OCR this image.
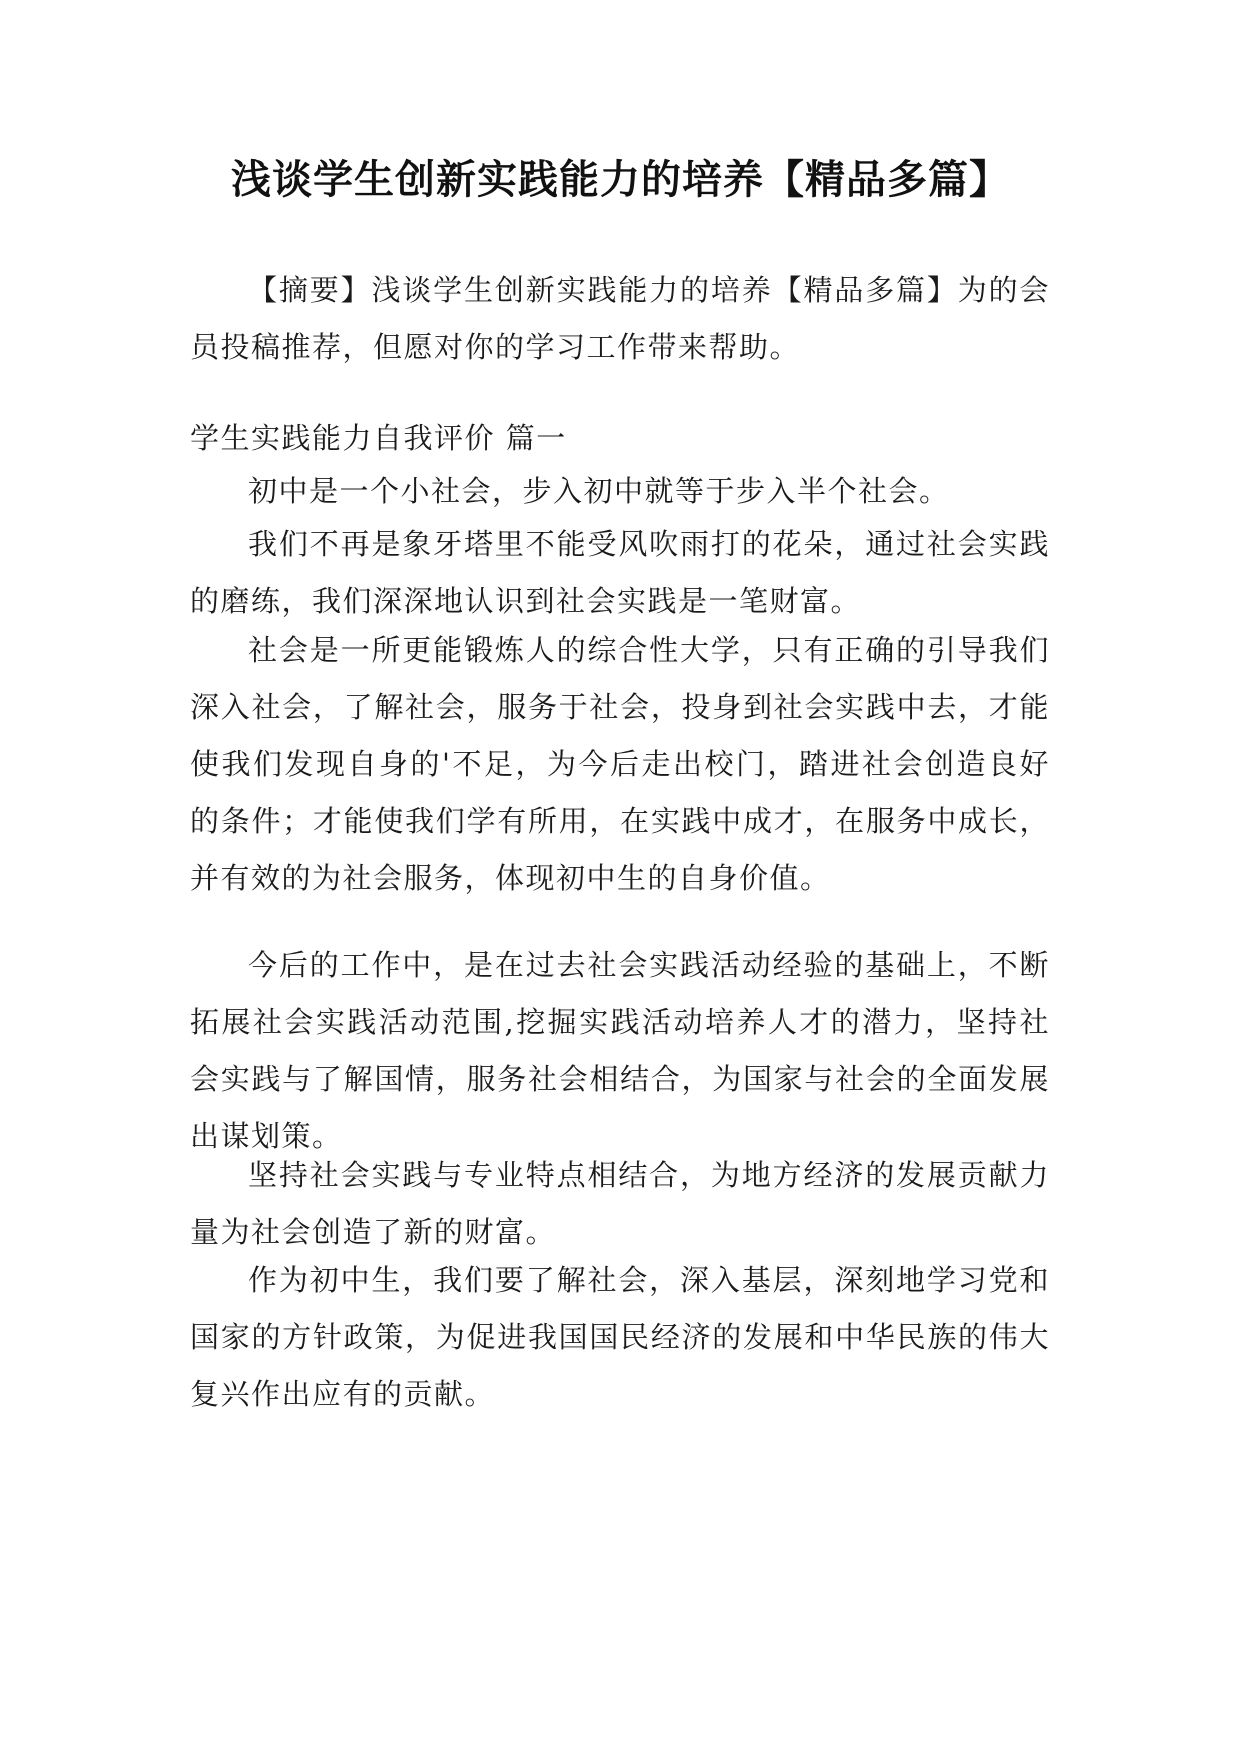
浅谈学生创新实践能力的培养【精品多篇】

【摘要】浅谈学生创新实践能力的培养【精品多篇】为的会员投稿推荐，但愿对你的学习工作带来帮助。

学生实践能力自我评价 篇一

初中是一个小社会，步入初中就等于步入半个社会。

我们不再是象牙塔里不能受风吹雨打的花朵，通过社会实践的磨练，我们深深地认识到社会实践是一笔财富。

社会是一所更能锻炼人的综合性大学，只有正确的引导我们深入社会，了解社会，服务于社会，投身到社会实践中去，才能使我们发现自身的'不足，为今后走出校门，踏进社会创造良好的条件；才能使我们学有所用，在实践中成才，在服务中成长，并有效的为社会服务，体现初中生的自身价值。

今后的工作中，是在过去社会实践活动经验的基础上，不断拓展社会实践活动范围,挖掘实践活动培养人才的潜力，坚持社会实践与了解国情，服务社会相结合，为国家与社会的全面发展出谋划策。

坚持社会实践与专业特点相结合，为地方经济的发展贡献力量为社会创造了新的财富。

作为初中生，我们要了解社会，深入基层，深刻地学习党和国家的方针政策，为促进我国国民经济的发展和中华民族的伟大复兴作出应有的贡献。
